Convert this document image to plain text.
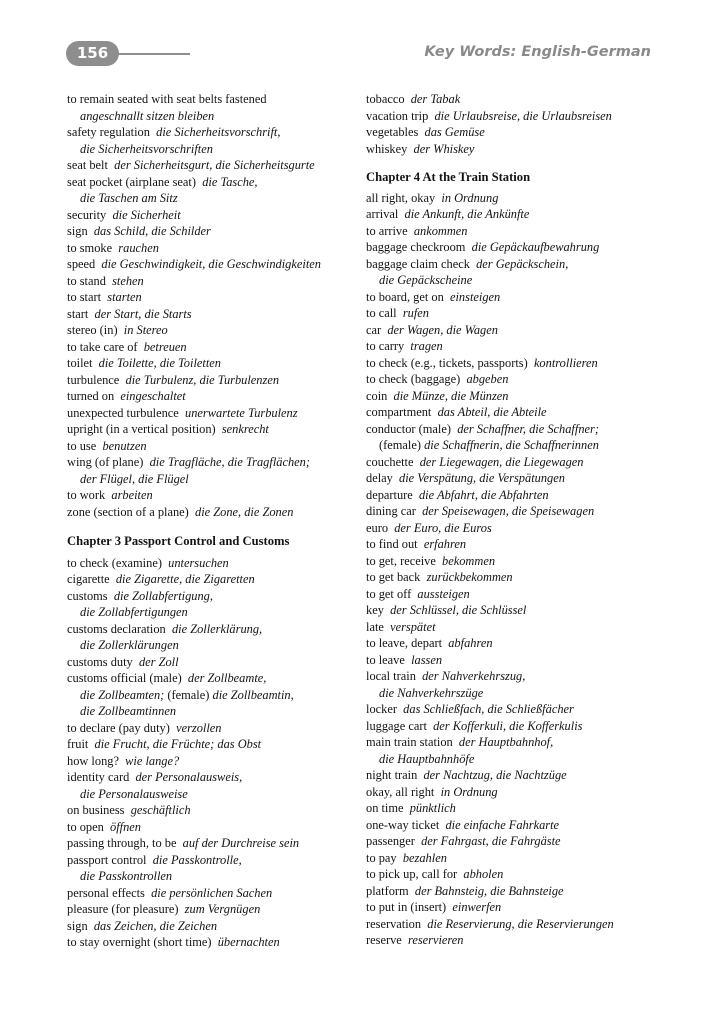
156	Key Words: English-German
to remain seated with seat belts fastened
angeschnallt sitzen bleiben
safety regulation die Sicherheitsvorschrift,
die Sicherheitsvorschriften
seat belt der Sicherheitsgurt, die Sicherheitsgurte
seat pocket (airplane seat) die Tasche,
die Taschen am Sitz
security die Sicherheit
sign das Schild, die Schilder
to smoke rauchen
speed die Geschwindigkeit, die Geschwindigkeiten
to stand stehen
to start starten
start der Start, die Starts
stereo (in) in Stereo
to take care of betreuen
toilet die Toilette, die Toiletten
turbulence die Turbulenz, die Turbulenzen
turned on eingeschaltet
unexpected turbulence unerwartete Turbulenz
upright (in a vertical position) senkrecht
to use benutzen
wing (of plane) die Tragfläche, die Tragflächen;
der Flügel, die Flügel
to work arbeiten
zone (section of a plane) die Zone, die Zonen
Chapter 3 Passport Control and Customs
to check (examine) untersuchen
cigarette die Zigarette, die Zigaretten
customs die Zollabfertigung,
die Zollabfertigungen
customs declaration die Zollerklärung,
die Zollerklärungen
customs duty der Zoll
customs official (male) der Zollbeamte,
die Zollbeamten; (female) die Zollbeamtin,
die Zollbeamtinnen
to declare (pay duty) verzollen
fruit die Frucht, die Früchte; das Obst
how long? wie lange?
identity card der Personalausweis,
die Personalausweise
on business geschäftlich
to open öffnen
passing through, to be auf der Durchreise sein
passport control die Passkontrolle,
die Passkontrollen
personal effects die persönlichen Sachen
pleasure (for pleasure) zum Vergnügen
sign das Zeichen, die Zeichen
to stay overnight (short time) übernachten
tobacco der Tabak
vacation trip die Urlaubsreise, die Urlaubsreisen
vegetables das Gemüse
whiskey der Whiskey
Chapter 4 At the Train Station
all right, okay in Ordnung
arrival die Ankunft, die Ankünfte
to arrive ankommen
baggage checkroom die Gepäckaufbewahrung
baggage claim check der Gepäckschein,
die Gepäckscheine
to board, get on einsteigen
to call rufen
car der Wagen, die Wagen
to carry tragen
to check (e.g., tickets, passports) kontrollieren
to check (baggage) abgeben
coin die Münze, die Münzen
compartment das Abteil, die Abteile
conductor (male) der Schaffner, die Schaffner;
(female) die Schaffnerin, die Schaffnerinnen
couchette der Liegewagen, die Liegewagen
delay die Verspätung, die Verspätungen
departure die Abfahrt, die Abfahrten
dining car der Speisewagen, die Speisewagen
euro der Euro, die Euros
to find out erfahren
to get, receive bekommen
to get back zurückbekommen
to get off aussteigen
key der Schlüssel, die Schlüssel
late verspätet
to leave, depart abfahren
to leave lassen
local train der Nahverkehrszug,
die Nahverkehrszüge
locker das Schließfach, die Schließfächer
luggage cart der Kofferkuli, die Kofferkulis
main train station der Hauptbahnhof,
die Hauptbahnhöfe
night train der Nachtzug, die Nachtzüge
okay, all right in Ordnung
on time pünktlich
one-way ticket die einfache Fahrkarte
passenger der Fahrgast, die Fahrgäste
to pay bezahlen
to pick up, call for abholen
platform der Bahnsteig, die Bahnsteige
to put in (insert) einwerfen
reservation die Reservierung, die Reservierungen
reserve reservieren
